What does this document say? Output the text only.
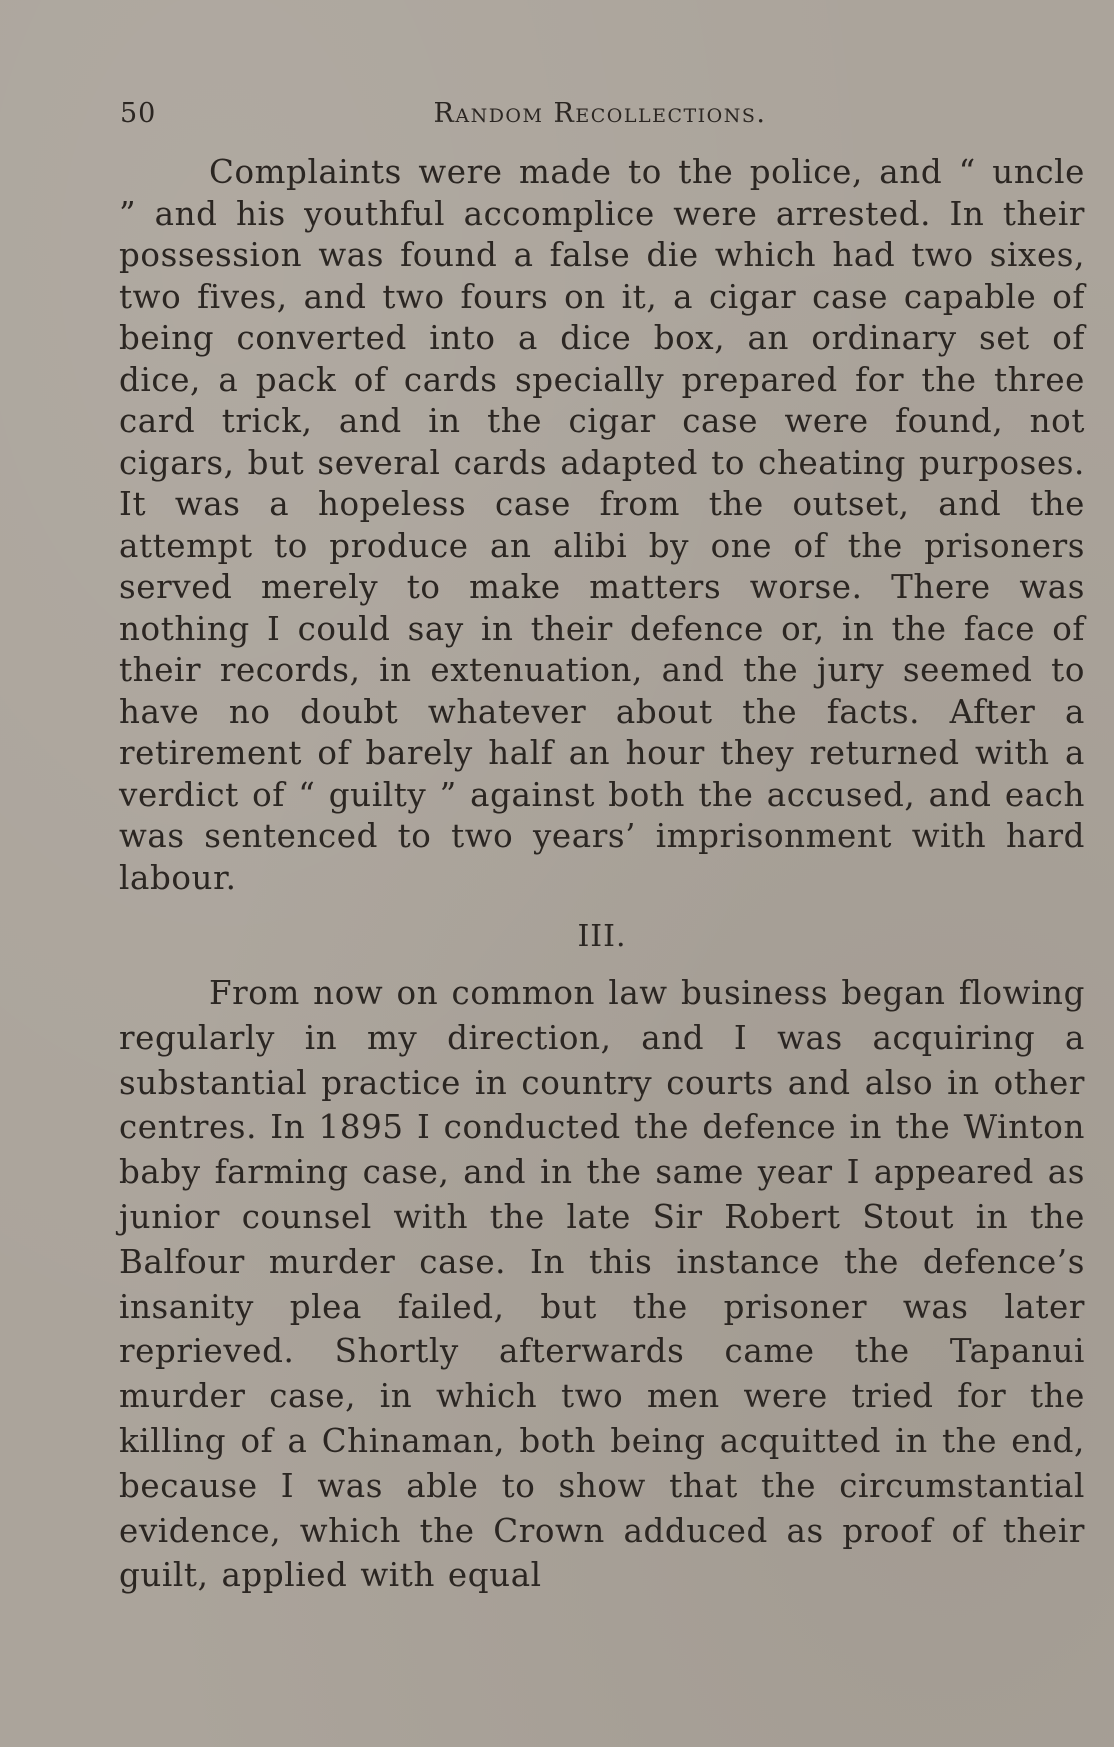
50	Random Recollections.

Complaints were made to the police, and “ uncle ” and his youthful accomplice were arrested. In their possession was found a false die which had two sixes, two fives, and two fours on it, a cigar case capable of being converted into a dice box, an ordinary set of dice, a pack of cards specially prepared for the three card trick, and in the cigar case were found, not cigars, but several cards adapted to cheating purposes. It was a hopeless case from the outset, and the attempt to produce an alibi by one of the prisoners served merely to make matters worse. There was nothing I could say in their defence or, in the face of their records, in extenuation, and the jury seemed to have no doubt whatever about the facts. After a retirement of barely half an hour they returned with a verdict of “ guilty ” against both the accused, and each was sentenced to two years’ imprisonment with hard labour.

III.

From now on common law business began flowing regularly in my direction, and I was acquiring a substantial practice in country courts and also in other centres. In 1895 I conducted the defence in the Winton baby farming case, and in the same year I appeared as junior counsel with the late Sir Robert Stout in the Balfour murder case. In this instance the defence’s insanity plea failed, but the prisoner was later reprieved. Shortly afterwards came the Tapanui murder case, in which two men were tried for the killing of a Chinaman, both being acquitted in the end, because I was able to show that the circumstantial evidence, which the Crown adduced as proof of their guilt, applied with equal
